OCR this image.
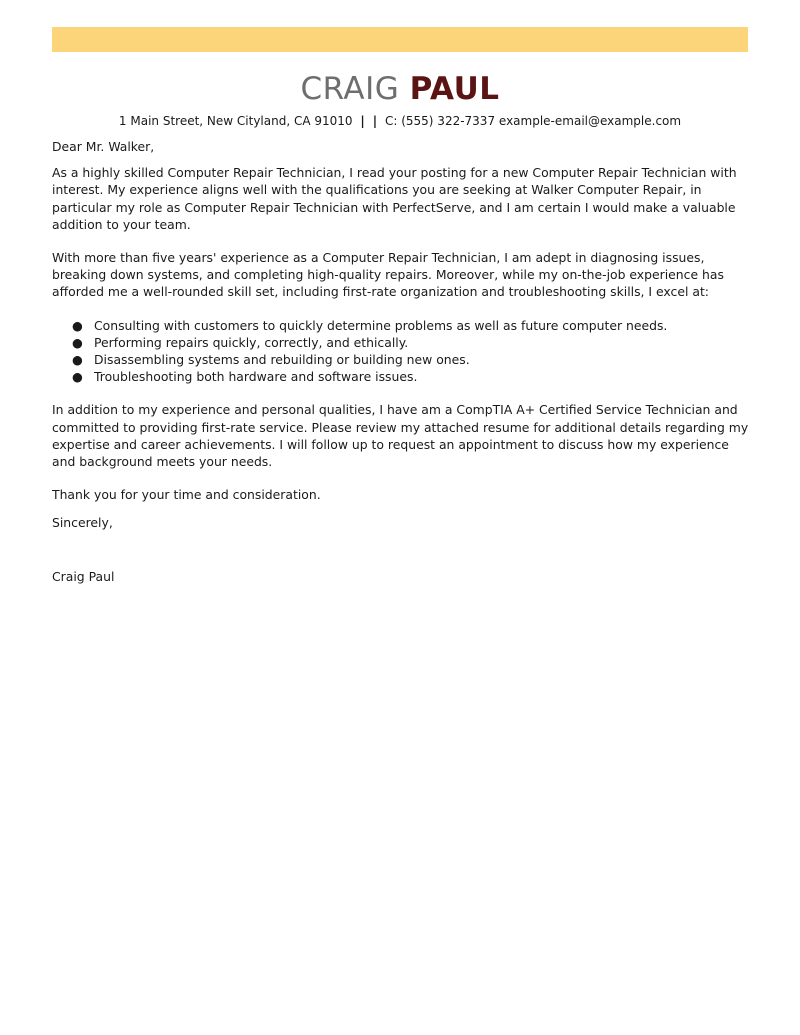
CRAIG PAUL
1 Main Street, New Cityland, CA 91010 | | C: (555) 322-7337 example-email@example.com

Dear Mr. Walker,

As a highly skilled Computer Repair Technician, I read your posting for a new Computer Repair Technician with interest. My experience aligns well with the qualifications you are seeking at Walker Computer Repair, in particular my role as Computer Repair Technician with PerfectServe, and I am certain I would make a valuable addition to your team.

With more than five years' experience as a Computer Repair Technician, I am adept in diagnosing issues, breaking down systems, and completing high-quality repairs. Moreover, while my on-the-job experience has afforded me a well-rounded skill set, including first-rate organization and troubleshooting skills, I excel at:

● Consulting with customers to quickly determine problems as well as future computer needs.
● Performing repairs quickly, correctly, and ethically.
● Disassembling systems and rebuilding or building new ones.
● Troubleshooting both hardware and software issues.

In addition to my experience and personal qualities, I have am a CompTIA A+ Certified Service Technician and committed to providing first-rate service. Please review my attached resume for additional details regarding my expertise and career achievements. I will follow up to request an appointment to discuss how my experience and background meets your needs.

Thank you for your time and consideration.

Sincerely,

Craig Paul
